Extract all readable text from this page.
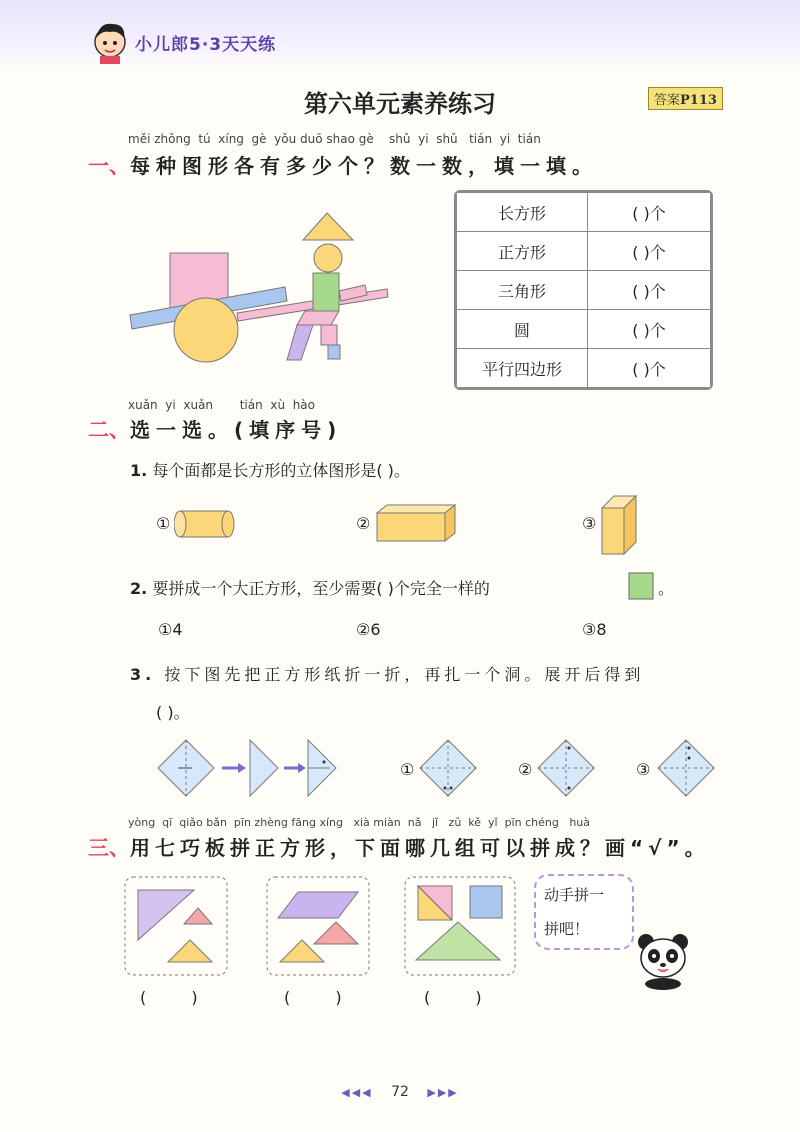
小儿郎5·3天天练
第六单元素养练习	答案P113
měi zhǒng  tú  xíng  gè  yǒu duō shao gè    shǔ  yi  shǔ   tián  yi  tián
一、每种图形各有多少个？数一数，填一填。
长方形	( )个
正方形	( )个
三角形	( )个
圆	( )个
平行四边形	( )个
xuǎn  yi  xuǎn       tián  xù  hào
二、选一选。(填序号)
1. 每个面都是长方形的立体图形是( )。
①	②	③
2. 要拼成一个大正方形，至少需要( )个完全一样的	。
①4	②6	③8
3. 按下图先把正方形纸折一折，再扎一个洞。展开后得到
( )。
①	②	③
yòng  qī  qiǎo bǎn  pīn zhèng fāng xíng   xià miàn  nǎ   jǐ   zǔ  kě  yǐ  pīn chéng   huà
三、用七巧板拼正方形，下面哪几组可以拼成？画“√”。
( )	( )	( )
动手拼一
拼吧！
◀◀◀ 72 ▶▶▶
